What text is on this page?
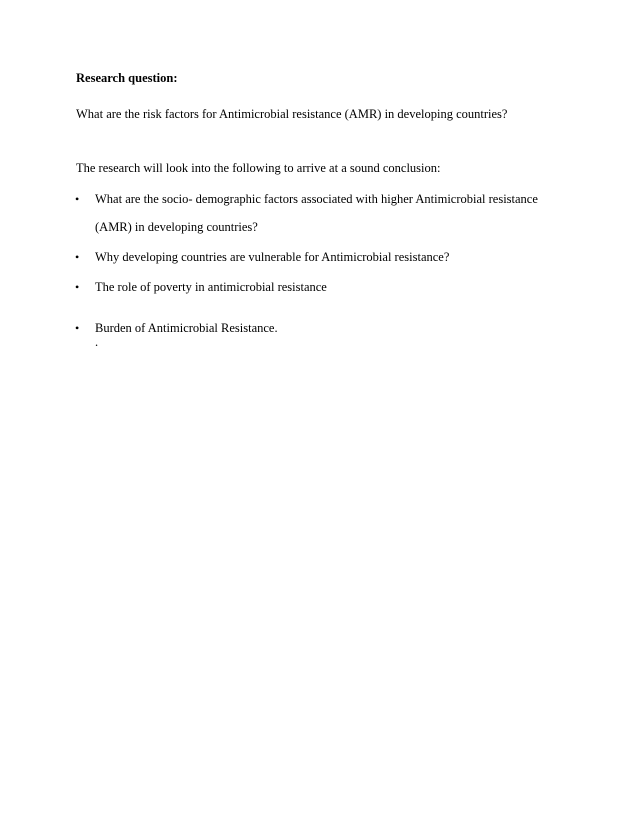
Research question:
What are the risk factors for Antimicrobial resistance (AMR) in developing countries?
The research will look into the following to arrive at a sound conclusion:
• What are the socio- demographic factors associated with higher Antimicrobial resistance
(AMR) in developing countries?
• Why developing countries are vulnerable for Antimicrobial resistance?
• The role of poverty in antimicrobial resistance
• Burden of Antimicrobial Resistance.
.
